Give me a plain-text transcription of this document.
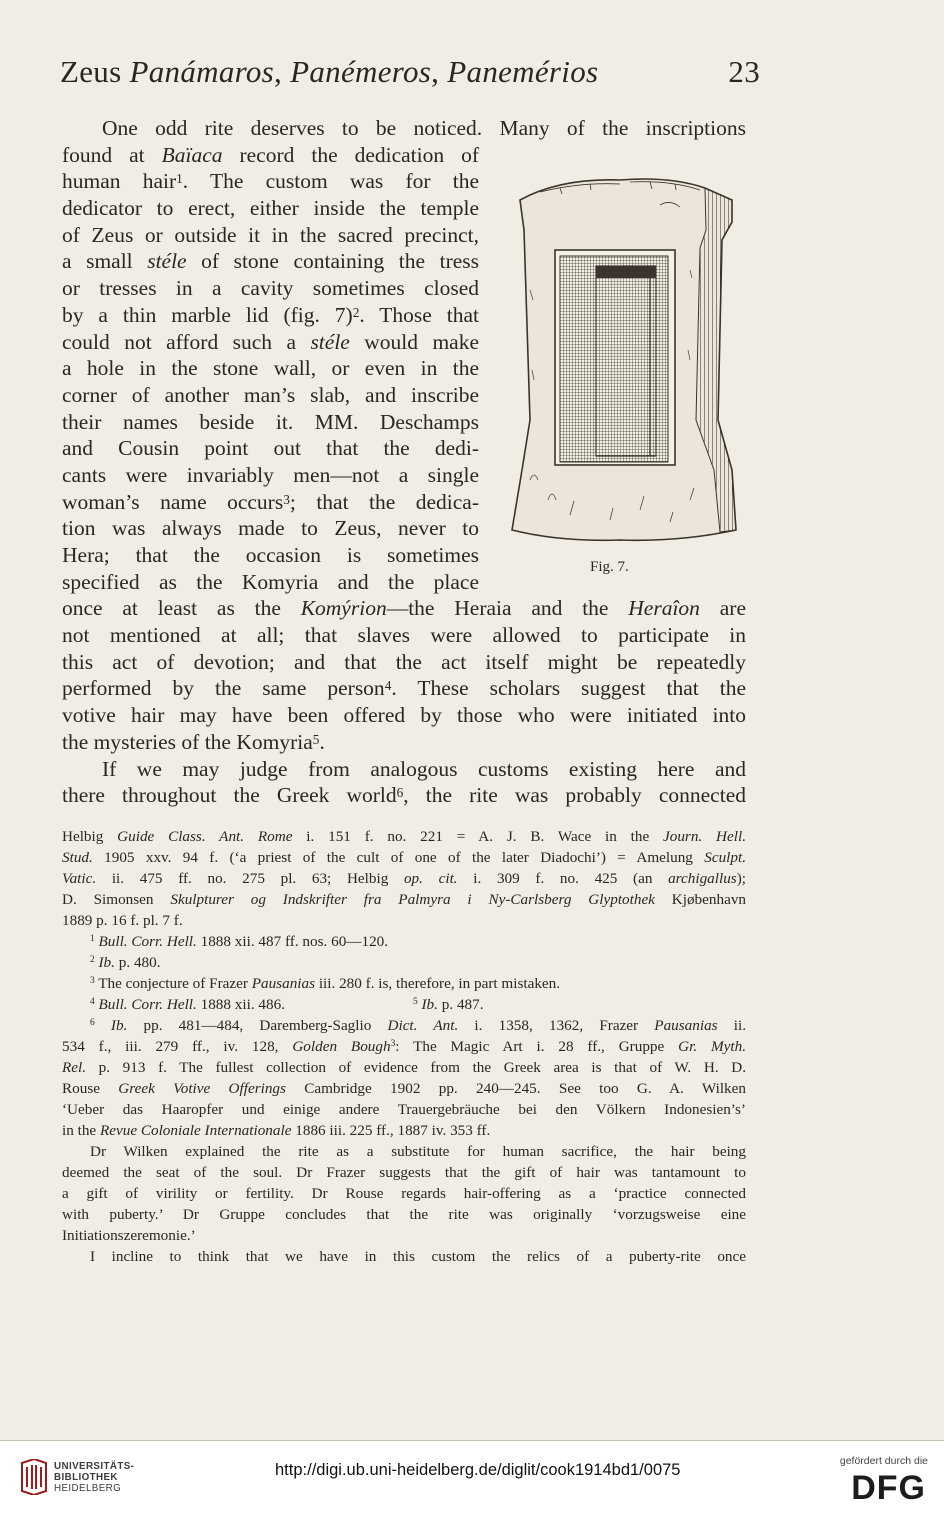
Zeus Panámaros, Panémeros, Panemérios	23
One odd rite deserves to be noticed. Many of the inscriptions
found at Baïaca record the dedication of
human hair$^1$. The custom was for the
dedicator to erect, either inside the temple
of Zeus or outside it in the sacred precinct,
a small stéle of stone containing the tress
or tresses in a cavity sometimes closed
by a thin marble lid (fig. 7)$^2$. Those that
could not afford such a stéle would make
a hole in the stone wall, or even in the
corner of another man’s slab, and inscribe
their names beside it. MM. Deschamps
and Cousin point out that the dedi-
cants were invariably men—not a single
woman’s name occurs$^3$; that the dedica-
tion was always made to Zeus, never to
Hera; that the occasion is sometimes
specified as the Komyria and the place
once at least as the Komýrion—the Heraia and the Heraîon are
not mentioned at all; that slaves were allowed to participate in
this act of devotion; and that the act itself might be repeatedly
performed by the same person$^4$. These scholars suggest that the
votive hair may have been offered by those who were initiated into
the mysteries of the Komyria$^5$.
If we may judge from analogous customs existing here and
there throughout the Greek world$^6$, the rite was probably connected
Fig. 7.
Helbig Guide Class. Ant. Rome i. 151 f. no. 221 = A. J. B. Wace in the Journ. Hell.
Stud. 1905 xxv. 94 f. (‘a priest of the cult of one of the later Diadochi’) = Amelung Sculpt.
Vatic. ii. 475 ff. no. 275 pl. 63; Helbig op. cit. i. 309 f. no. 425 (an archigallus);
D. Simonsen Skulpturer og Indskrifter fra Palmyra i Ny-Carlsberg Glyptothek Kjøbenhavn
1889 p. 16 f. pl. 7 f.
$^1$ Bull. Corr. Hell. 1888 xii. 487 ff. nos. 60—120.
$^2$ Ib. p. 480.
$^3$ The conjecture of Frazer Pausanias iii. 280 f. is, therefore, in part mistaken.
$^4$ Bull. Corr. Hell. 1888 xii. 486.	$^5$ Ib. p. 487.
$^6$ Ib. pp. 481—484, Daremberg-Saglio Dict. Ant. i. 1358, 1362, Frazer Pausanias ii.
534 f., iii. 279 ff., iv. 128, Golden Bough$^3$: The Magic Art i. 28 ff., Gruppe Gr. Myth.
Rel. p. 913 f. The fullest collection of evidence from the Greek area is that of W. H. D.
Rouse Greek Votive Offerings Cambridge 1902 pp. 240—245. See too G. A. Wilken
‘Ueber das Haaropfer und einige andere Trauergebräuche bei den Völkern Indonesien’s’
in the Revue Coloniale Internationale 1886 iii. 225 ff., 1887 iv. 353 ff.
Dr Wilken explained the rite as a substitute for human sacrifice, the hair being
deemed the seat of the soul. Dr Frazer suggests that the gift of hair was tantamount to
a gift of virility or fertility. Dr Rouse regards hair-offering as a ‘practice connected
with puberty.’ Dr Gruppe concludes that the rite was originally ‘vorzugsweise eine
Initiationszeremonie.’
I incline to think that we have in this custom the relics of a puberty-rite once
UNIVERSITÄTS-
BIBLIOTHEK
HEIDELBERG
http://digi.ub.uni-heidelberg.de/diglit/cook1914bd1/0075	gefördert durch die
DFG
